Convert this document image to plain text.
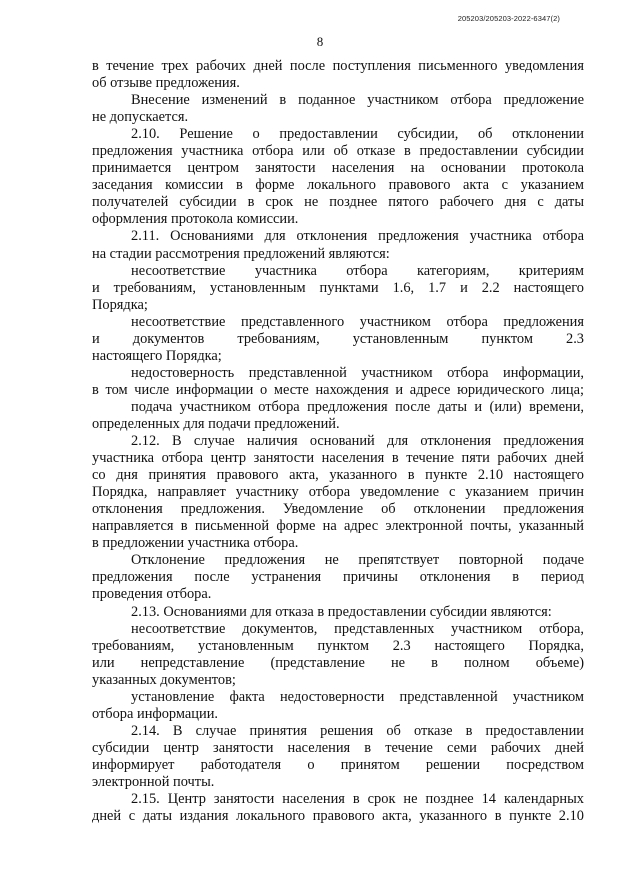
205203/205203-2022-6347(2)
8
в течение трех рабочих дней после поступления письменного уведомления
об отзыве предложения.
Внесение изменений в поданное участником отбора предложение
не допускается.
2.10. Решение о предоставлении субсидии, об отклонении
предложения участника отбора или об отказе в предоставлении субсидии
принимается центром занятости населения на основании протокола
заседания комиссии в форме локального правового акта с указанием
получателей субсидии в срок не позднее пятого рабочего дня с даты
оформления протокола комиссии.
2.11. Основаниями для отклонения предложения участника отбора
на стадии рассмотрения предложений являются:
несоответствие участника отбора категориям, критериям
и требованиям, установленным пунктами 1.6, 1.7 и 2.2 настоящего
Порядка;
несоответствие представленного участником отбора предложения
и документов требованиям, установленным пунктом 2.3
настоящего Порядка;
недостоверность представленной участником отбора информации,
в том числе информации о месте нахождения и адресе юридического лица;
подача участником отбора предложения после даты и (или) времени,
определенных для подачи предложений.
2.12. В случае наличия оснований для отклонения предложения
участника отбора центр занятости населения в течение пяти рабочих дней
со дня принятия правового акта, указанного в пункте 2.10 настоящего
Порядка, направляет участнику отбора уведомление с указанием причин
отклонения предложения. Уведомление об отклонении предложения
направляется в письменной форме на адрес электронной почты, указанный
в предложении участника отбора.
Отклонение предложения не препятствует повторной подаче
предложения после устранения причины отклонения в период
проведения отбора.
2.13. Основаниями для отказа в предоставлении субсидии являются:
несоответствие документов, представленных участником отбора,
требованиям, установленным пунктом 2.3 настоящего Порядка,
или непредставление (представление не в полном объеме)
указанных документов;
установление факта недостоверности представленной участником
отбора информации.
2.14. В случае принятия решения об отказе в предоставлении
субсидии центр занятости населения в течение семи рабочих дней
информирует работодателя о принятом решении посредством
электронной почты.
2.15. Центр занятости населения в срок не позднее 14 календарных
дней с даты издания локального правового акта, указанного в пункте 2.10
